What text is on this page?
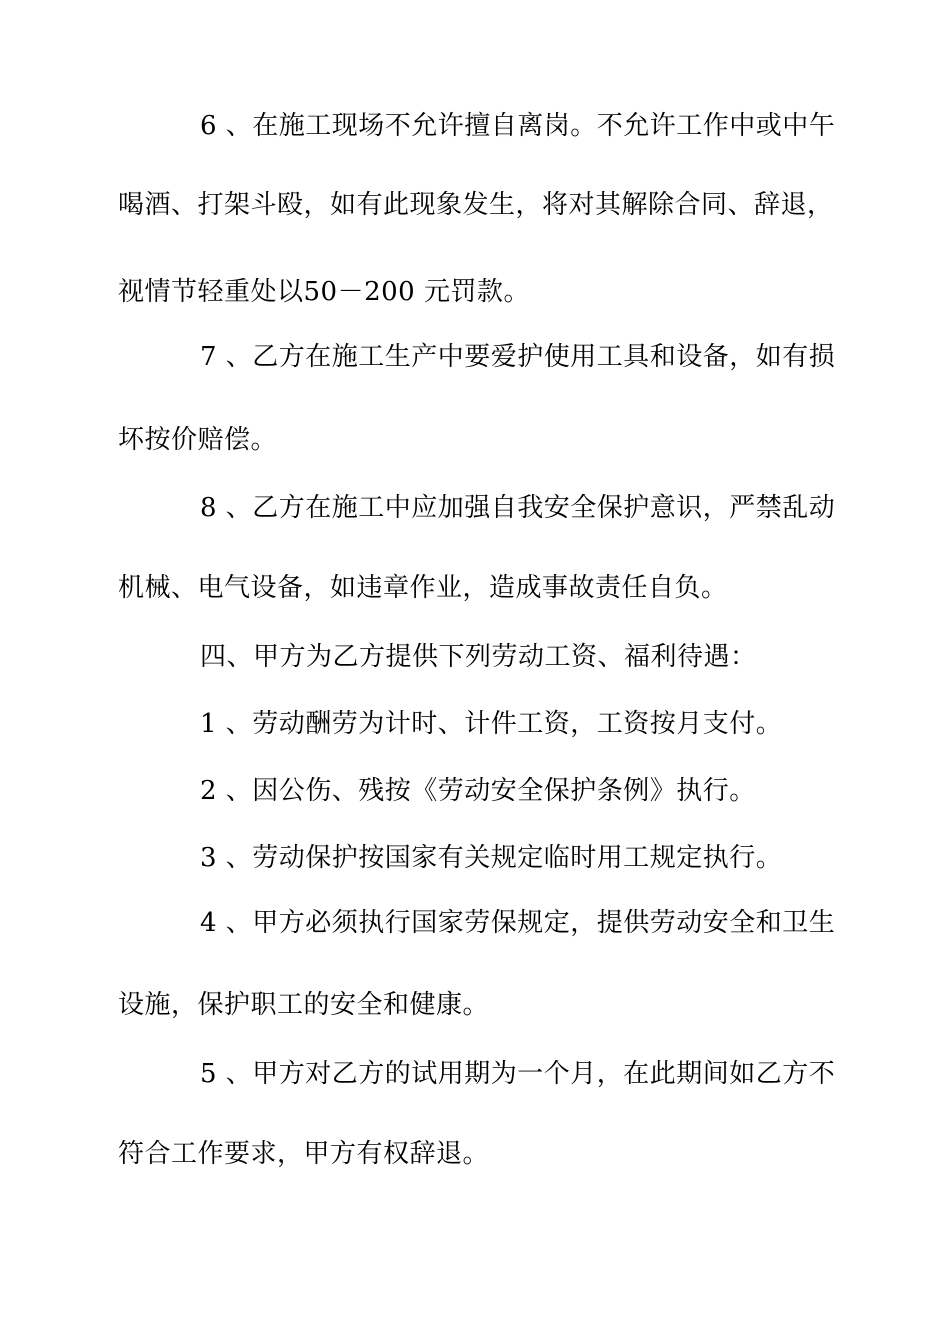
6 、在施工现场不允许擅自离岗。不允许工作中或中午
喝酒、打架斗殴，如有此现象发生，将对其解除合同、辞退，
视情节轻重处以50－200 元罚款。
7 、乙方在施工生产中要爱护使用工具和设备，如有损
坏按价赔偿。
8 、乙方在施工中应加强自我安全保护意识，严禁乱动
机械、电气设备，如违章作业，造成事故责任自负。
四、甲方为乙方提供下列劳动工资、福利待遇：
1 、劳动酬劳为计时、计件工资，工资按月支付。
2 、因公伤、残按《劳动安全保护条例》执行。
3 、劳动保护按国家有关规定临时用工规定执行。
4 、甲方必须执行国家劳保规定，提供劳动安全和卫生
设施，保护职工的安全和健康。
5 、甲方对乙方的试用期为一个月，在此期间如乙方不
符合工作要求，甲方有权辞退。
